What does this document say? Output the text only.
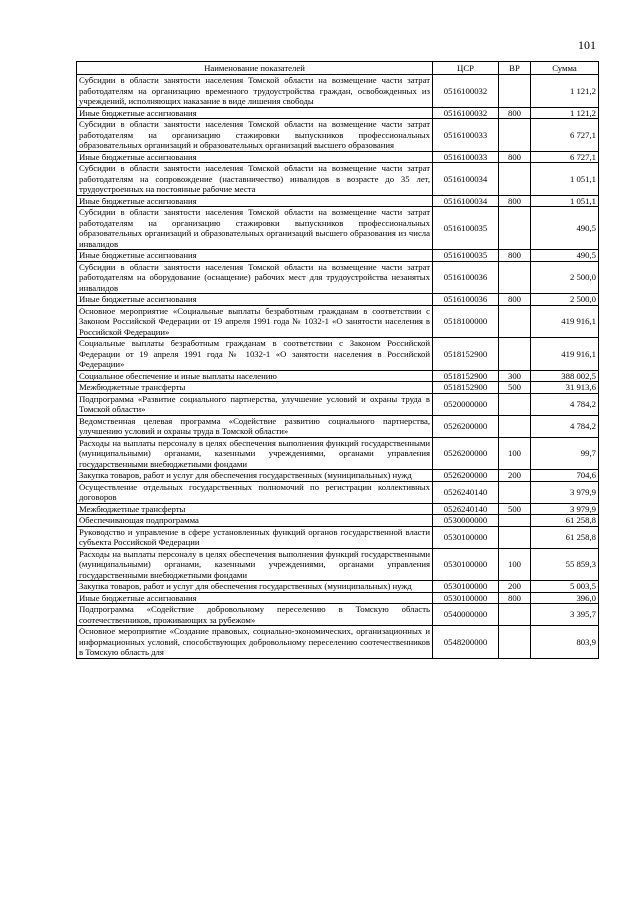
101
Наименование показателей	ЦСР	ВР	Сумма
Субсидии в области занятости населения Томской области на возмещение части затрат работодателям на организацию временного трудоустройства граждан, освобожденных из учреждений, исполняющих наказание в виде лишения свободы	0516100032		1 121,2
Иные бюджетные ассигнования	0516100032	800	1 121,2
Субсидии в области занятости населения Томской области на возмещение части затрат работодателям на организацию стажировки выпускников профессиональных образовательных организаций и образовательных организаций высшего образования	0516100033		6 727,1
Иные бюджетные ассигнования	0516100033	800	6 727,1
Субсидии в области занятости населения Томской области на возмещение части затрат работодателям на сопровождение (наставничество) инвалидов в возрасте до 35 лет, трудоустроенных на постоянные рабочие места	0516100034		1 051,1
Иные бюджетные ассигнования	0516100034	800	1 051,1
Субсидии в области занятости населения Томской области на возмещение части затрат работодателям на организацию стажировки выпускников профессиональных образовательных организаций и образовательных организаций высшего образования из числа инвалидов	0516100035		490,5
Иные бюджетные ассигнования	0516100035	800	490,5
Субсидии в области занятости населения Томской области на возмещение части затрат работодателям на оборудование (оснащение) рабочих мест для трудоустройства незанятых инвалидов	0516100036		2 500,0
Иные бюджетные ассигнования	0516100036	800	2 500,0
Основное мероприятие «Социальные выплаты безработным гражданам в соответствии с Законом Российской Федерации от 19 апреля 1991 года № 1032-1 «О занятости населения в Российской Федерации»	0518100000		419 916,1
Социальные выплаты безработным гражданам в соответствии с Законом Российской Федерации от 19 апреля 1991 года № 1032-1 «О занятости населения в Российской Федерации»	0518152900		419 916,1
Социальное обеспечение и иные выплаты населению	0518152900	300	388 002,5
Межбюджетные трансферты	0518152900	500	31 913,6
Подпрограмма «Развитие социального партнерства, улучшение условий и охраны труда в Томской области»	0520000000		4 784,2
Ведомственная целевая программа «Содействие развитию социального партнерства, улучшению условий и охраны труда в Томской области»	0526200000		4 784,2
Расходы на выплаты персоналу в целях обеспечения выполнения функций государственными (муниципальными) органами, казенными учреждениями, органами управления государственными внебюджетными фондами	0526200000	100	99,7
Закупка товаров, работ и услуг для обеспечения государственных (муниципальных) нужд	0526200000	200	704,6
Осуществление отдельных государственных полномочий по регистрации коллективных договоров	0526240140		3 979,9
Межбюджетные трансферты	0526240140	500	3 979,9
Обеспечивающая подпрограмма	0530000000		61 258,8
Руководство и управление в сфере установленных функций органов государственной власти субъекта Российской Федерации	0530100000		61 258,8
Расходы на выплаты персоналу в целях обеспечения выполнения функций государственными (муниципальными) органами, казенными учреждениями, органами управления государственными внебюджетными фондами	0530100000	100	55 859,3
Закупка товаров, работ и услуг для обеспечения государственных (муниципальных) нужд	0530100000	200	5 003,5
Иные бюджетные ассигнования	0530100000	800	396,0
Подпрограмма «Содействие добровольному переселению в Томскую область соотечественников, проживающих за рубежом»	0540000000		3 395,7
Основное мероприятие «Создание правовых, социально-экономических, организационных и информационных условий, способствующих добровольному переселению соотечественников в Томскую область для	0548200000		803,9
